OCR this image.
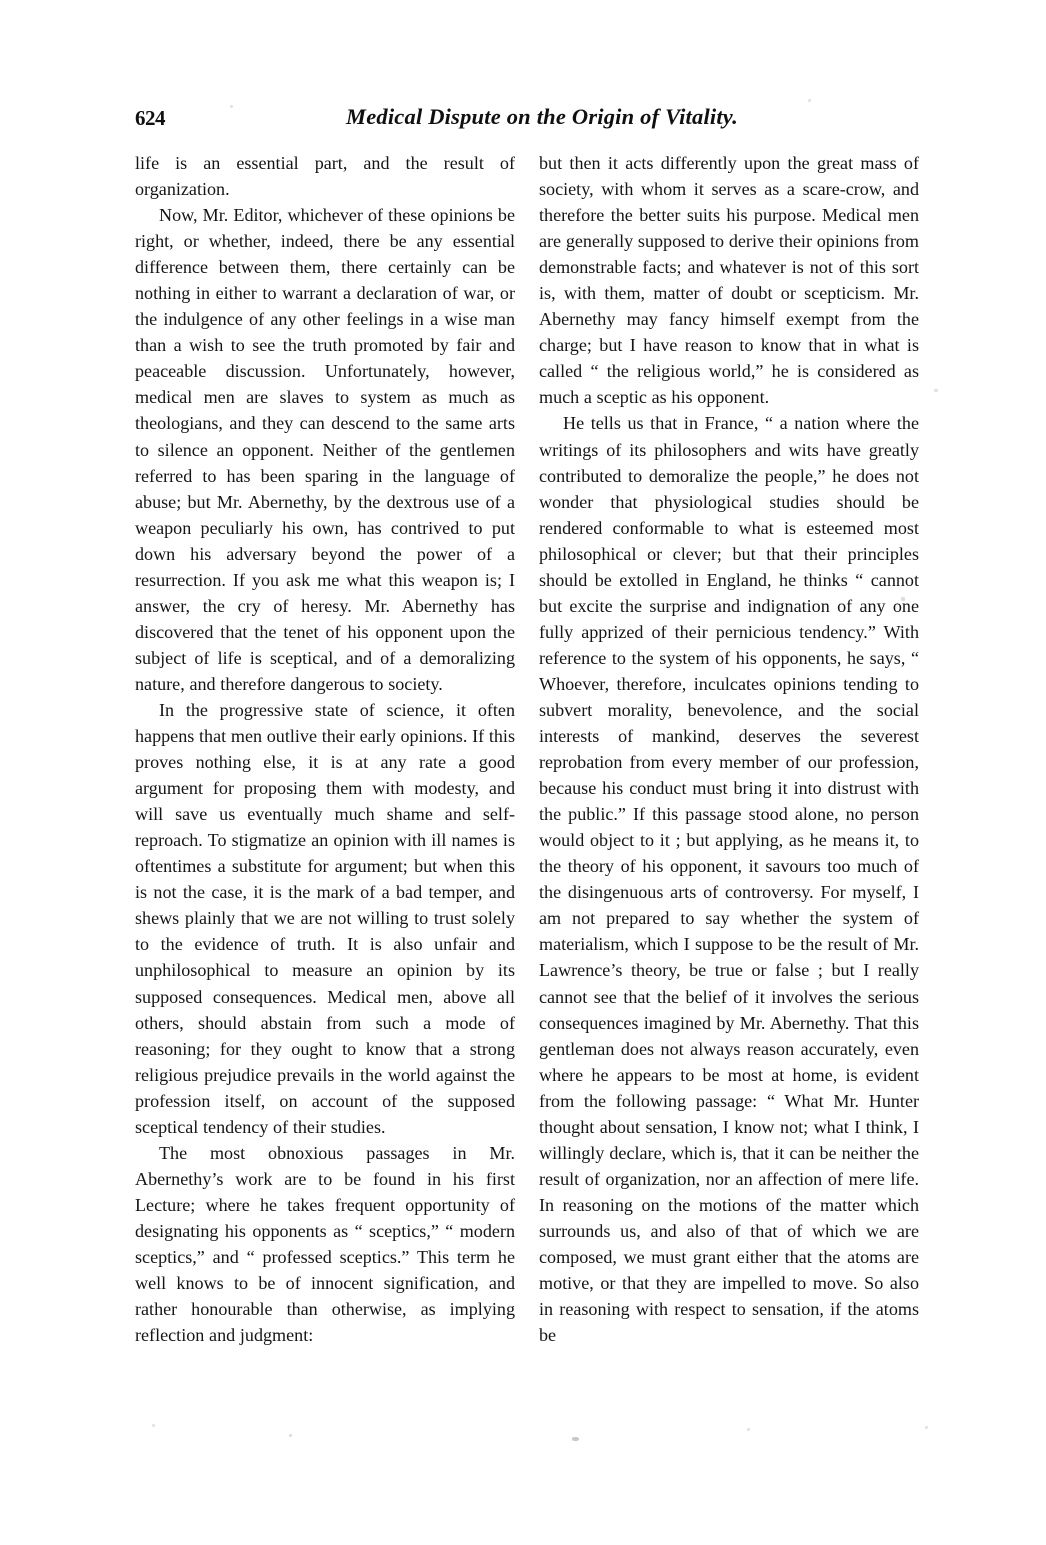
624	Medical Dispute on the Origin of Vitality.

life is an essential part, and the result of organization.

Now, Mr. Editor, whichever of these opinions be right, or whether, indeed, there be any essential difference between them, there certainly can be nothing in either to warrant a declaration of war, or the indulgence of any other feelings in a wise man than a wish to see the truth promoted by fair and peaceable discussion. Unfortunately, however, medical men are slaves to system as much as theologians, and they can descend to the same arts to silence an opponent. Neither of the gentlemen referred to has been sparing in the language of abuse; but Mr. Abernethy, by the dextrous use of a weapon peculiarly his own, has contrived to put down his adversary beyond the power of a resurrection. If you ask me what this weapon is; I answer, the cry of heresy. Mr. Abernethy has discovered that the tenet of his opponent upon the subject of life is sceptical, and of a demoralizing nature, and therefore dangerous to society.

In the progressive state of science, it often happens that men outlive their early opinions. If this proves nothing else, it is at any rate a good argument for proposing them with modesty, and will save us eventually much shame and self-reproach. To stigmatize an opinion with ill names is oftentimes a substitute for argument; but when this is not the case, it is the mark of a bad temper, and shews plainly that we are not willing to trust solely to the evidence of truth. It is also unfair and unphilosophical to measure an opinion by its supposed consequences. Medical men, above all others, should abstain from such a mode of reasoning; for they ought to know that a strong religious prejudice prevails in the world against the profession itself, on account of the supposed sceptical tendency of their studies.

The most obnoxious passages in Mr. Abernethy’s work are to be found in his first Lecture; where he takes frequent opportunity of designating his opponents as “ sceptics,” “ modern sceptics,” and “ professed sceptics.” This term he well knows to be of innocent signification, and rather honourable than otherwise, as implying reflection and judgment:

but then it acts differently upon the great mass of society, with whom it serves as a scare-crow, and therefore the better suits his purpose. Medical men are generally supposed to derive their opinions from demonstrable facts; and whatever is not of this sort is, with them, matter of doubt or scepticism. Mr. Abernethy may fancy himself exempt from the charge; but I have reason to know that in what is called “ the religious world,” he is considered as much a sceptic as his opponent.

He tells us that in France, “ a nation where the writings of its philosophers and wits have greatly contributed to demoralize the people,” he does not wonder that physiological studies should be rendered conformable to what is esteemed most philosophical or clever; but that their principles should be extolled in England, he thinks “ cannot but excite the surprise and indignation of any one fully apprized of their pernicious tendency.” With reference to the system of his opponents, he says, “ Whoever, therefore, inculcates opinions tending to subvert morality, benevolence, and the social interests of mankind, deserves the severest reprobation from every member of our profession, because his conduct must bring it into distrust with the public.” If this passage stood alone, no person would object to it ; but applying, as he means it, to the theory of his opponent, it savours too much of the disingenuous arts of controversy. For myself, I am not prepared to say whether the system of materialism, which I suppose to be the result of Mr. Lawrence’s theory, be true or false ; but I really cannot see that the belief of it involves the serious consequences imagined by Mr. Abernethy. That this gentleman does not always reason accurately, even where he appears to be most at home, is evident from the following passage: “ What Mr. Hunter thought about sensation, I know not; what I think, I willingly declare, which is, that it can be neither the result of organization, nor an affection of mere life. In reasoning on the motions of the matter which surrounds us, and also of that of which we are composed, we must grant either that the atoms are motive, or that they are impelled to move. So also in reasoning with respect to sensation, if the atoms be
